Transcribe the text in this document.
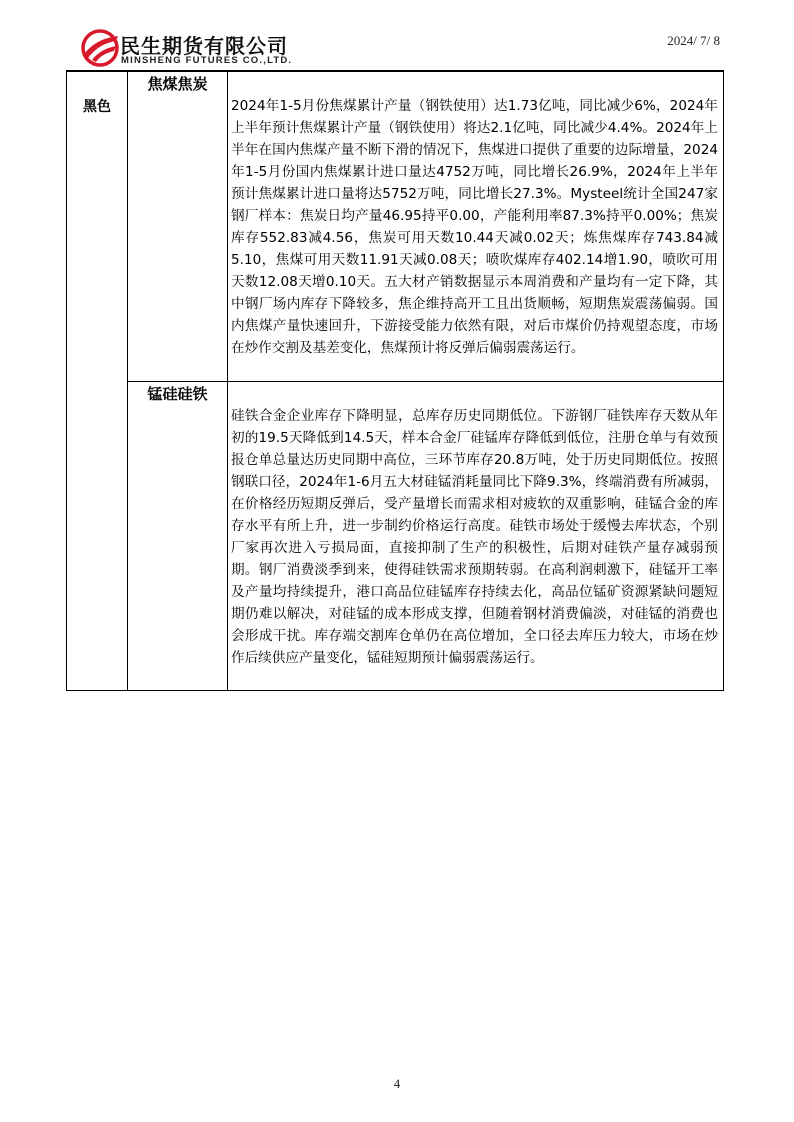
民生期货有限公司
MINSHENG FUTURES CO.,LTD.
2024/ 7/ 8
黑色	焦煤焦炭	2024年1-5月份焦煤累计产量（钢铁使用）达1.73亿吨，同比减少6%，2024年上半年预计焦煤累计产量（钢铁使用）将达2.1亿吨，同比减少4.4%。2024年上半年在国内焦煤产量不断下滑的情况下，焦煤进口提供了重要的边际增量，2024年1-5月份国内焦煤累计进口量达4752万吨，同比增长26.9%，2024年上半年预计焦煤累计进口量将达5752万吨，同比增长27.3%。Mysteel统计全国247家钢厂样本：焦炭日均产量46.95持平0.00，产能利用率87.3%持平0.00%；焦炭库存552.83减4.56，焦炭可用天数10.44天减0.02天；炼焦煤库存743.84减5.10，焦煤可用天数11.91天减0.08天；喷吹煤库存402.14增1.90，喷吹可用天数12.08天增0.10天。五大材产销数据显示本周消费和产量均有一定下降，其中钢厂场内库存下降较多，焦企维持高开工且出货顺畅，短期焦炭震荡偏弱。国内焦煤产量快速回升，下游接受能力依然有限，对后市煤价仍持观望态度，市场在炒作交割及基差变化，焦煤预计将反弹后偏弱震荡运行。
	锰硅硅铁	硅铁合金企业库存下降明显，总库存历史同期低位。下游钢厂硅铁库存天数从年初的19.5天降低到14.5天，样本合金厂硅锰库存降低到低位，注册仓单与有效预报仓单总量达历史同期中高位，三环节库存20.8万吨，处于历史同期低位。按照钢联口径，2024年1-6月五大材硅锰消耗量同比下降9.3%，终端消费有所减弱，在价格经历短期反弹后，受产量增长而需求相对疲软的双重影响，硅锰合金的库存水平有所上升，进一步制约价格运行高度。硅铁市场处于缓慢去库状态，个别厂家再次进入亏损局面，直接抑制了生产的积极性，后期对硅铁产量存减弱预期。钢厂消费淡季到来，使得硅铁需求预期转弱。在高利润刺激下，硅锰开工率及产量均持续提升，港口高品位硅锰库存持续去化，高品位锰矿资源紧缺问题短期仍难以解决，对硅锰的成本形成支撑，但随着钢材消费偏淡，对硅锰的消费也会形成干扰。库存端交割库仓单仍在高位增加，全口径去库压力较大，市场在炒作后续供应产量变化，锰硅短期预计偏弱震荡运行。
4
